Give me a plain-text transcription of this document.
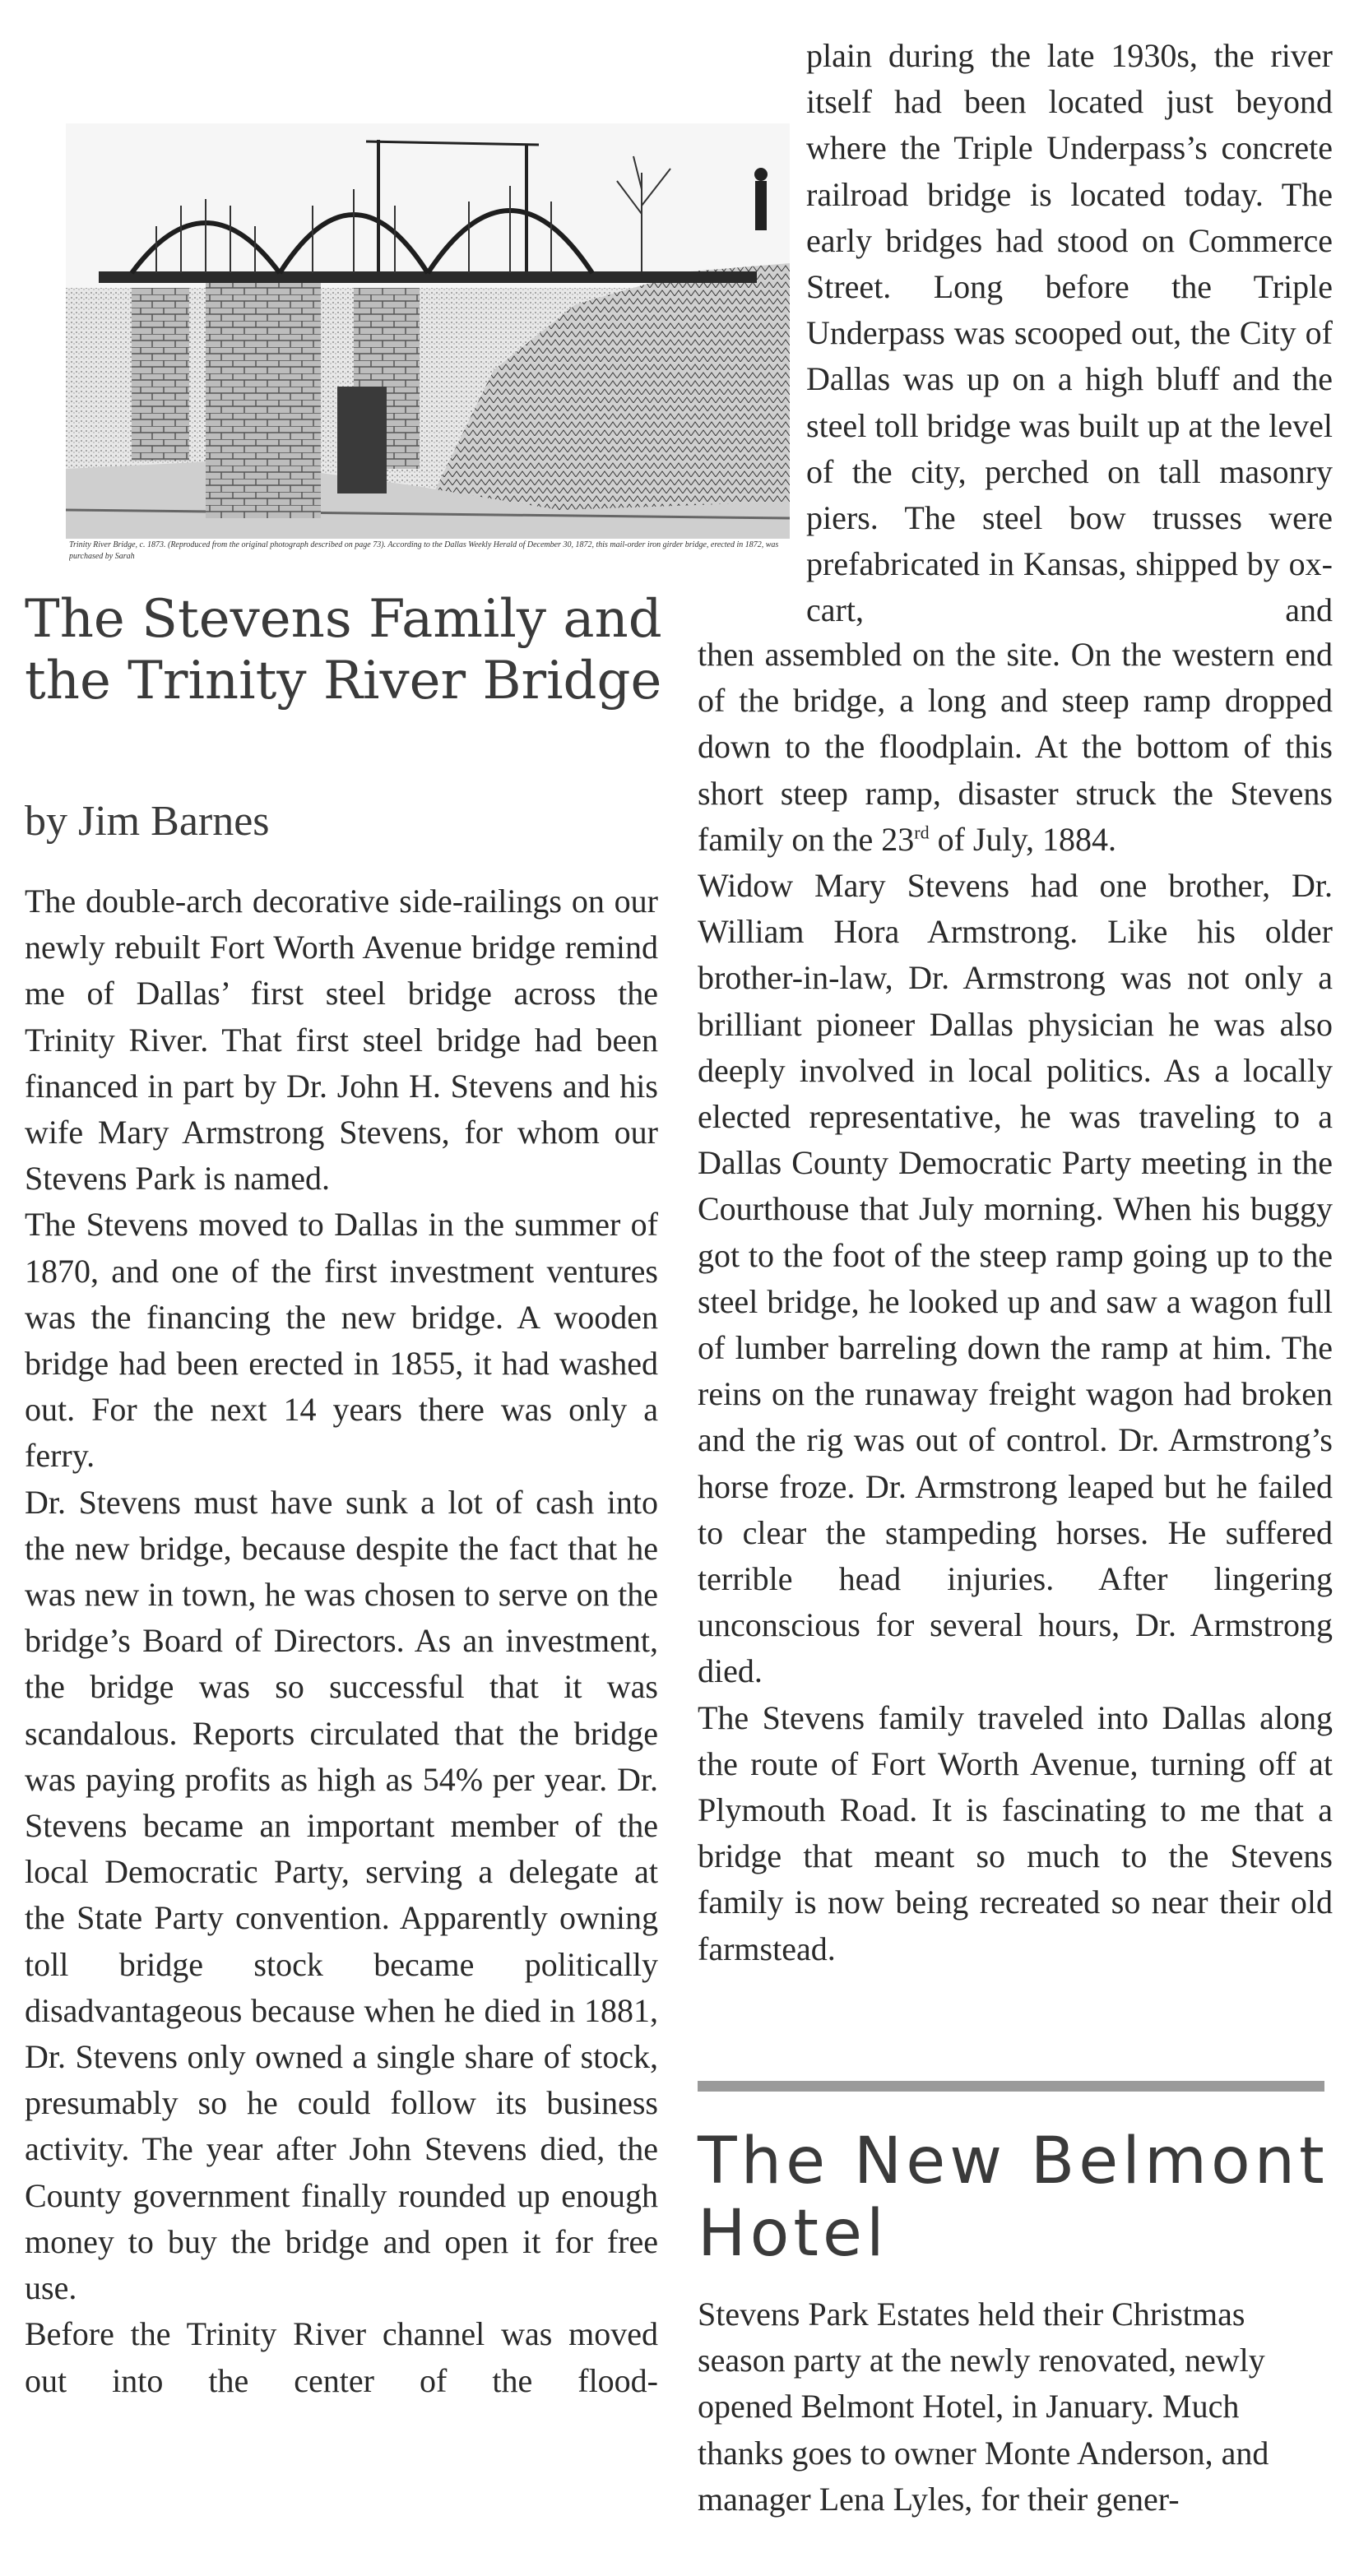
Trinity River Bridge, c. 1873. (Reproduced from the original photograph described on page 73). According to the Dallas Weekly Herald of December 30, 1872, this mail-order iron girder bridge, erected in 1872, was purchased by Sarah
The Stevens Family and the Trinity River Bridge
by Jim Barnes

The double-arch decorative side-railings on our newly rebuilt Fort Worth Avenue bridge remind me of Dallas’ first steel bridge across the Trinity River. That first steel bridge had been financed in part by Dr. John H. Stevens and his wife Mary Armstrong Stevens, for whom our Stevens Park is named.

The Stevens moved to Dallas in the summer of 1870, and one of the first investment ventures was the financing the new bridge. A wooden bridge had been erected in 1855, it had washed out. For the next 14 years there was only a ferry.

Dr. Stevens must have sunk a lot of cash into the new bridge, because despite the fact that he was new in town, he was chosen to serve on the bridge’s Board of Directors. As an investment, the bridge was so successful that it was scandalous. Reports circulated that the bridge was paying profits as high as 54% per year. Dr. Stevens became an important member of the local Democratic Party, serving a delegate at the State Party convention. Apparently owning toll bridge stock became politically disadvantageous because when he died in 1881, Dr. Stevens only owned a single share of stock, presumably so he could follow its business activity. The year after John Stevens died, the County government finally rounded up enough money to buy the bridge and open it for free use.

Before the Trinity River channel was moved out into the center of the flood-

plain during the late 1930s, the river itself had been located just beyond where the Triple Underpass’s concrete railroad bridge is located today. The early bridges had stood on Commerce Street. Long before the Triple Underpass was scooped out, the City of Dallas was up on a high bluff and the steel toll bridge was built up at the level of the city, perched on tall masonry piers. The steel bow trusses were prefabricated in Kansas, shipped by ox-cart, and

then assembled on the site. On the western end of the bridge, a long and steep ramp dropped down to the floodplain. At the bottom of this short steep ramp, disaster struck the Stevens family on the 23rd of July, 1884.

Widow Mary Stevens had one brother, Dr. William Hora Armstrong. Like his older brother-in-law, Dr. Armstrong was not only a brilliant pioneer Dallas physician he was also deeply involved in local politics. As a locally elected representative, he was traveling to a Dallas County Democratic Party meeting in the Courthouse that July morning. When his buggy got to the foot of the steep ramp going up to the steel bridge, he looked up and saw a wagon full of lumber barreling down the ramp at him. The reins on the runaway freight wagon had broken and the rig was out of control. Dr. Armstrong’s horse froze. Dr. Armstrong leaped but he failed to clear the stampeding horses. He suffered terrible head injuries. After lingering unconscious for several hours, Dr. Armstrong died.

The Stevens family traveled into Dallas along the route of Fort Worth Avenue, turning off at Plymouth Road. It is fascinating to me that a bridge that meant so much to the Stevens family is now being recreated so near their old farmstead.

The New Belmont Hotel

Stevens Park Estates held their Christmas season party at the newly renovated, newly opened Belmont Hotel, in January. Much thanks goes to owner Monte Anderson, and manager Lena Lyles, for their gener-
